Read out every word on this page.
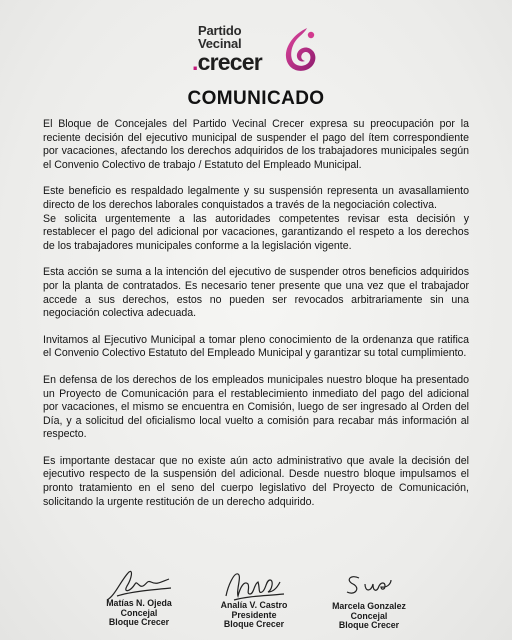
Partido
Vecinal
.crecer
COMUNICADO

El Bloque de Concejales del Partido Vecinal Crecer expresa su preocupación por la reciente decisión del ejecutivo municipal de suspender el pago del ítem correspondiente por vacaciones, afectando los derechos adquiridos de los trabajadores municipales según el Convenio Colectivo de trabajo / Estatuto del Empleado Municipal.

Este beneficio es respaldado legalmente y su suspensión representa un avasallamiento directo de los derechos laborales conquistados a través de la negociación colectiva.

Se solicita urgentemente a las autoridades competentes revisar esta decisión y restablecer el pago del adicional por vacaciones, garantizando el respeto a los derechos de los trabajadores municipales conforme a la legislación vigente.

Esta acción se suma a la intención del ejecutivo de suspender otros beneficios adquiridos por la planta de contratados. Es necesario tener presente que una vez que el trabajador accede a sus derechos, estos no pueden ser revocados arbitrariamente sin una negociación colectiva adecuada.

Invitamos al Ejecutivo Municipal a tomar pleno conocimiento de la ordenanza que ratifica el Convenio Colectivo Estatuto del Empleado Municipal y garantizar su total cumplimiento.

En defensa de los derechos de los empleados municipales nuestro bloque ha presentado un Proyecto de Comunicación para el restablecimiento inmediato del pago del adicional por vacaciones, el mismo se encuentra en Comisión, luego de ser ingresado al Orden del Día, y a solicitud del oficialismo local vuelto a comisión para recabar más información al respecto.

Es importante destacar que no existe aún acto administrativo que avale la decisión del ejecutivo respecto de la suspensión del adicional. Desde nuestro bloque impulsamos el pronto tratamiento en el seno del cuerpo legislativo del Proyecto de Comunicación, solicitando la urgente restitución de un derecho adquirido.

Matías N. Ojeda
Concejal
Bloque Crecer
Analía V. Castro
Presidente
Bloque Crecer
Marcela Gonzalez
Concejal
Bloque Crecer
